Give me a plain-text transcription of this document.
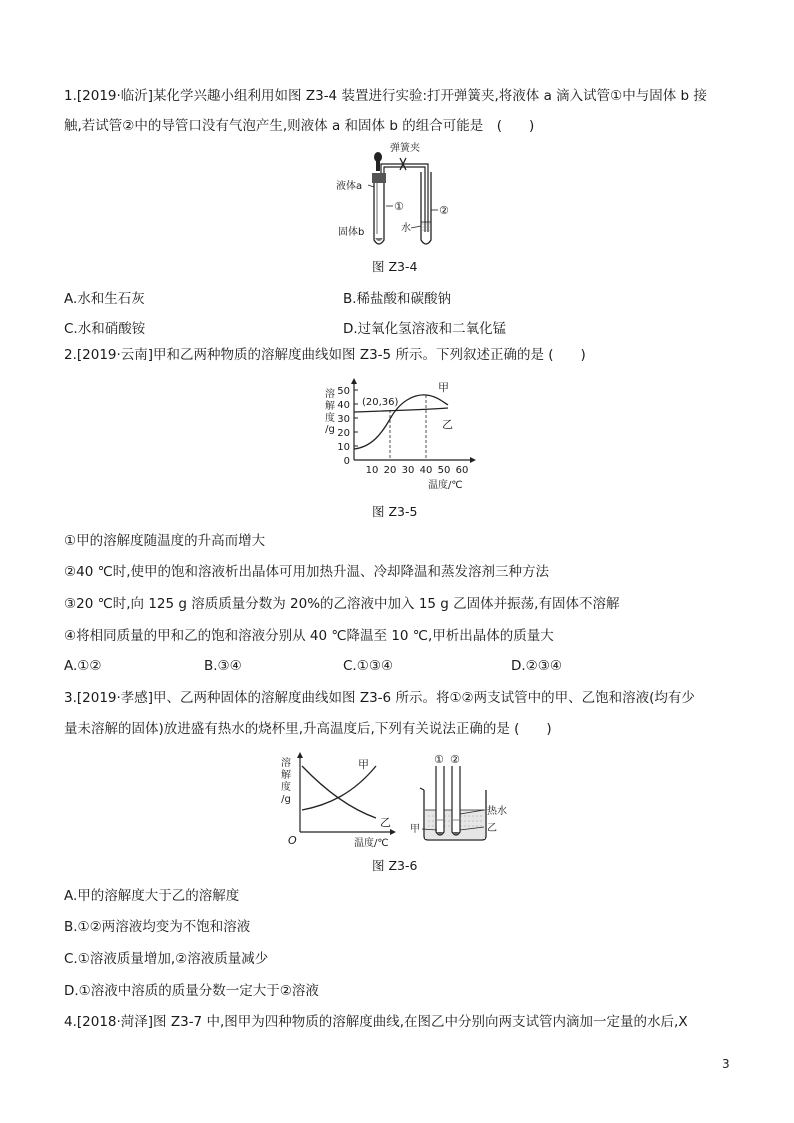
1.[2019·临沂]某化学兴趣小组利用如图 Z3-4 装置进行实验:打开弹簧夹,将液体 a 滴入试管①中与固体 b 接
触,若试管②中的导管口没有气泡产生,则液体 a 和固体 b 的组合可能是　(　　)
弹簧夹
液体a
①	②
固体b	水
图 Z3-4
A.水和生石灰	B.稀盐酸和碳酸钠
C.水和硝酸铵	D.过氧化氢溶液和二氧化锰
2.[2019·云南]甲和乙两种物质的溶解度曲线如图 Z3-5 所示。下列叙述正确的是 (　　)
0
10
20
30
40
50
10 20 30 40 50 60
(20,36)
甲
乙
溶
解
度
/g
温度/℃
图 Z3-5
①甲的溶解度随温度的升高而增大
②40 ℃时,使甲的饱和溶液析出晶体可用加热升温、冷却降温和蒸发溶剂三种方法
③20 ℃时,向 125 g 溶质质量分数为 20%的乙溶液中加入 15 g 乙固体并振荡,有固体不溶解
④将相同质量的甲和乙的饱和溶液分别从 40 ℃降温至 10 ℃,甲析出晶体的质量大
A.①②	B.③④	C.①③④	D.②③④
3.[2019·孝感]甲、乙两种固体的溶解度曲线如图 Z3-6 所示。将①②两支试管中的甲、乙饱和溶液(均有少
量未溶解的固体)放进盛有热水的烧杯里,升高温度后,下列有关说法正确的是 (　　)
甲
乙
O
溶
解
度
/g
温度/℃
① ②
甲
热水
乙
图 Z3-6
A.甲的溶解度大于乙的溶解度
B.①②两溶液均变为不饱和溶液
C.①溶液质量增加,②溶液质量减少
D.①溶液中溶质的质量分数一定大于②溶液
4.[2018·菏泽]图 Z3-7 中,图甲为四种物质的溶解度曲线,在图乙中分别向两支试管内滴加一定量的水后,X
3
